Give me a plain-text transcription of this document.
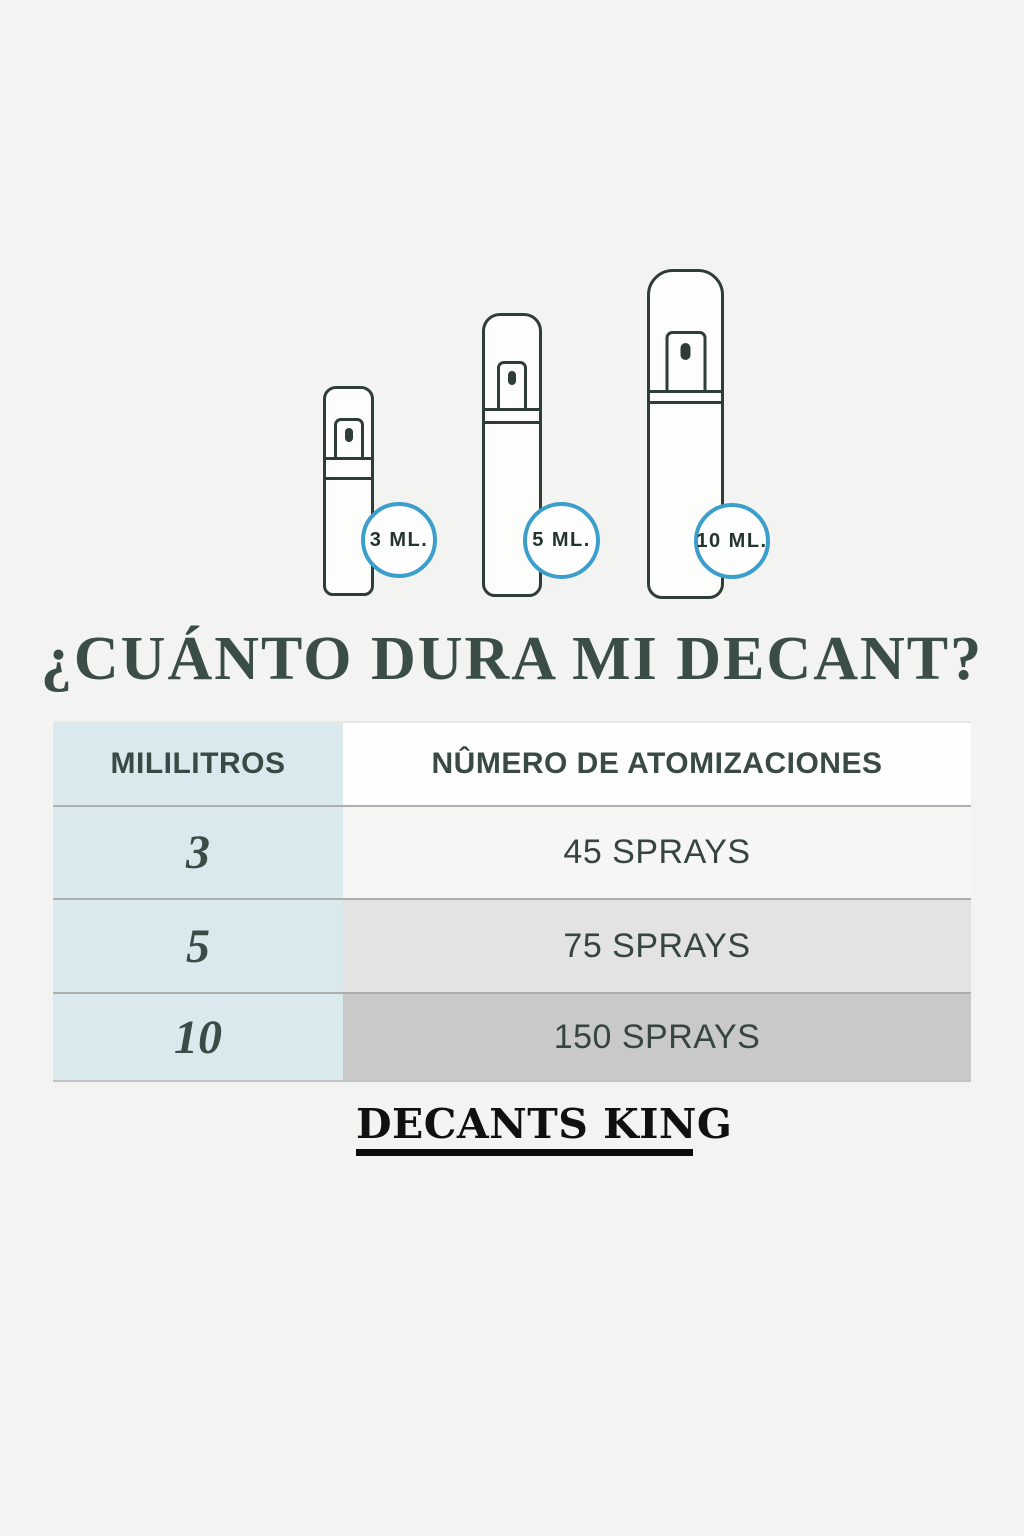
3 ML.	5 ML.	10 ML.
¿CUÁNTO DURA MI DECANT?
MILILITROS	NÛMERO DE ATOMIZACIONES
3	45 SPRAYS
5	75 SPRAYS
10	150 SPRAYS
DECANTS KING
